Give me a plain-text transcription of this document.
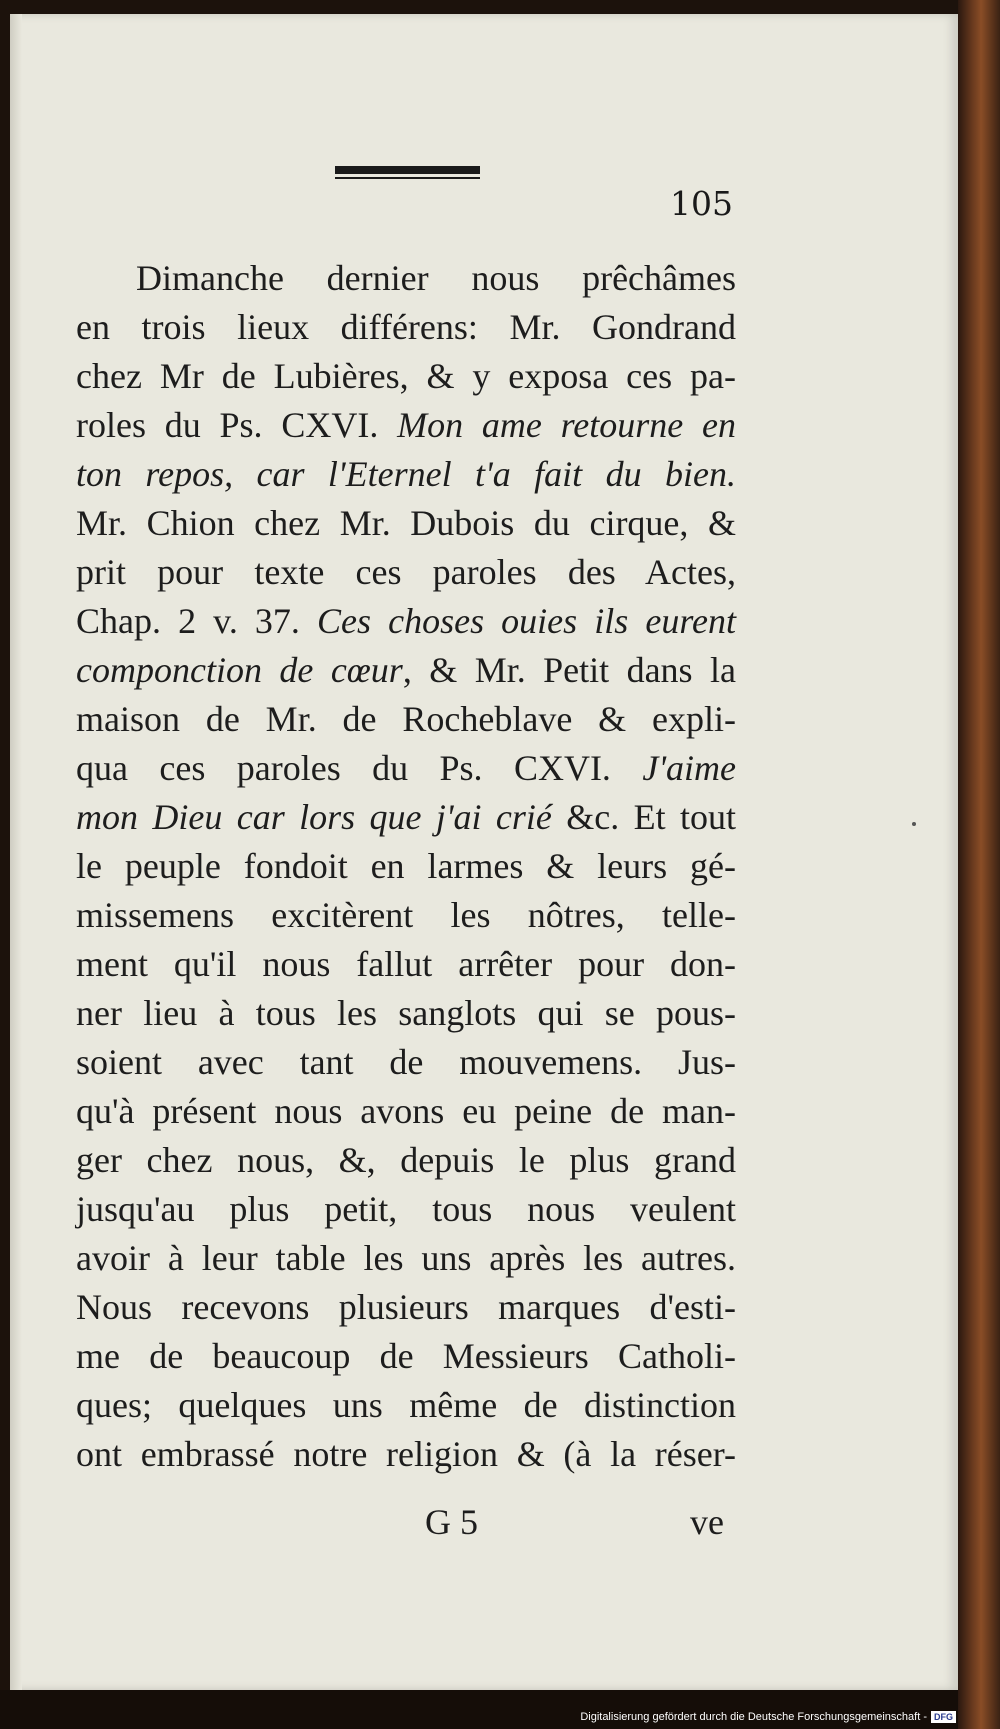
105
Dimanche dernier nous prêchâmes
en trois lieux différens: Mr. Gondrand
chez Mr de Lubières, & y exposa ces pa-
roles du Ps. CXVI. Mon ame retourne en
ton repos, car l'Eternel t'a fait du bien.
Mr. Chion chez Mr. Dubois du cirque, &
prit pour texte ces paroles des Actes,
Chap. 2 v. 37. Ces choses ouies ils eurent
componction de cœur, & Mr. Petit dans la
maison de Mr. de Rocheblave & expli-
qua ces paroles du Ps. CXVI. J'aime
mon Dieu car lors que j'ai crié &c. Et tout
le peuple fondoit en larmes & leurs gé-
missemens excitèrent les nôtres, telle-
ment qu'il nous fallut arrêter pour don-
ner lieu à tous les sanglots qui se pous-
soient avec tant de mouvemens. Jus-
qu'à présent nous avons eu peine de man-
ger chez nous, &, depuis le plus grand
jusqu'au plus petit, tous nous veulent
avoir à leur table les uns après les autres.
Nous recevons plusieurs marques d'esti-
me de beaucoup de Messieurs Catholi-
ques; quelques uns même de distinction
ont embrassé notre religion & (à la réser-
G 5	ve
Digitalisierung gefördert durch die Deutsche Forschungsgemeinschaft - DFG
